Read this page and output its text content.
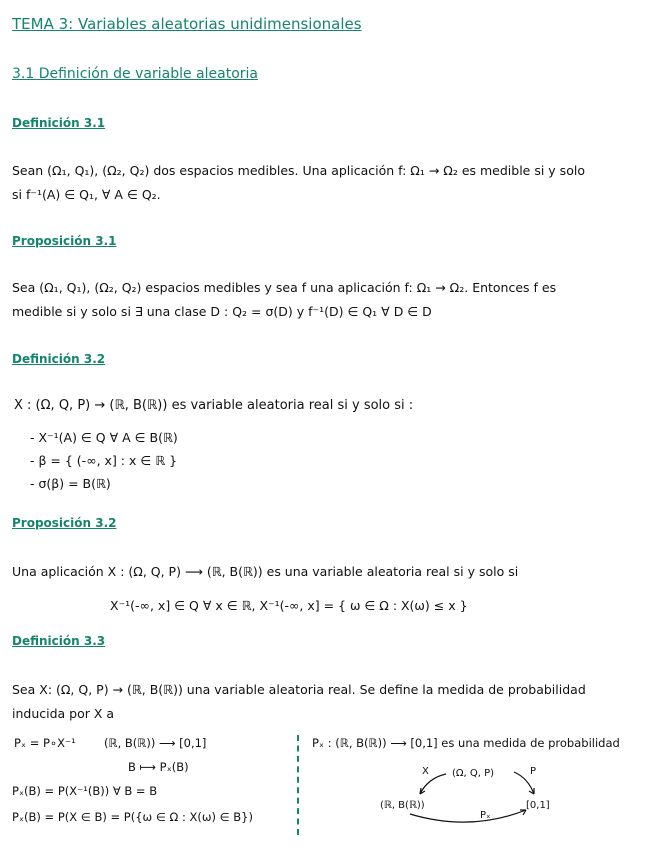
TEMA 3: Variables aleatorias unidimensionales
3.1 Definición de variable aleatoria
Definición 3.1
Sean (Ω₁, Q₁), (Ω₂, Q₂) dos espacios medibles. Una aplicación f: Ω₁ → Ω₂ es medible si y solo
si f⁻¹(A) ∈ Q₁, ∀ A ∈ Q₂.
Proposición 3.1
Sea (Ω₁, Q₁), (Ω₂, Q₂) espacios medibles y sea f una aplicación f: Ω₁ → Ω₂. Entonces f es
medible si y solo si ∃ una clase D : Q₂ = σ(D) y f⁻¹(D) ∈ Q₁ ∀ D ∈ D
Definición 3.2
X : (Ω, Q, P) → (ℝ, B(ℝ)) es variable aleatoria real si y solo si :
- X⁻¹(A) ∈ Q ∀ A ∈ B(ℝ)
- β = { (-∞, x] : x ∈ ℝ }
- σ(β) = B(ℝ)
Proposición 3.2
Una aplicación X : (Ω, Q, P) ⟶ (ℝ, B(ℝ)) es una variable aleatoria real si y solo si
X⁻¹(-∞, x] ∈ Q ∀ x ∈ ℝ, X⁻¹(-∞, x] = { ω ∈ Ω : X(ω) ≤ x }
Definición 3.3
Sea X: (Ω, Q, P) → (ℝ, B(ℝ)) una variable aleatoria real. Se define la medida de probabilidad
inducida por X a
Pₓ = P∘X⁻¹ (ℝ, B(ℝ)) ⟶ [0,1]
B ⟼ Pₓ(B)
Pₓ(B) = P(X⁻¹(B)) ∀ B = B
Pₓ(B) = P(X ∈ B) = P({ω ∈ Ω : X(ω) ∈ B})
Pₓ : (ℝ, B(ℝ)) ⟶ [0,1] es una medida de probabilidad
(Ω, Q, P)
(ℝ, B(ℝ))	[0,1]
X	P
Pₓ
